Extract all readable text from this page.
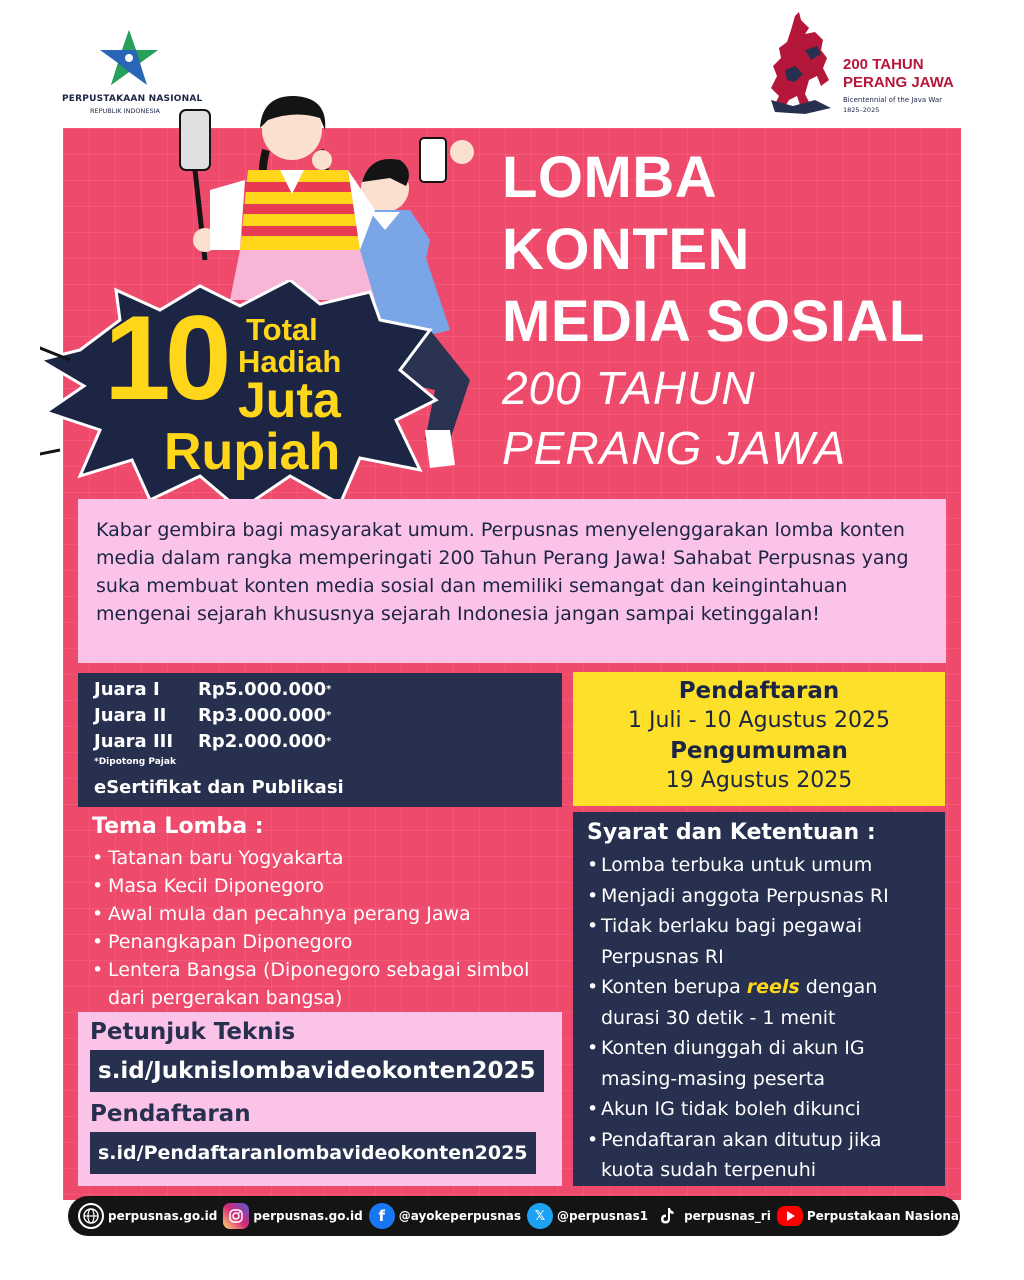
PERPUSTAKAAN NASIONAL
REPUBLIK INDONESIA
200 TAHUN
PERANG JAWA
Bicentennial of the Java War
1825–2025
10 Total
Hadiah
Juta
Rupiah
LOMBA
KONTEN
MEDIA SOSIAL
200 TAHUN
PERANG JAWA

Kabar gembira bagi masyarakat umum. Perpusnas menyelenggarakan lomba konten media dalam rangka memperingati 200 Tahun Perang Jawa! Sahabat Perpusnas yang suka membuat konten media sosial dan memiliki semangat dan keingintahuan mengenai sejarah khususnya sejarah Indonesia jangan sampai ketinggalan!

Juara I	Rp5.000.000 *
Juara II	Rp3.000.000 *
Juara III	Rp2.000.000 *
*Dipotong Pajak
eSertifikat dan Publikasi
Pendaftaran
1 Juli - 10 Agustus 2025
Pengumuman
19 Agustus 2025
Tema Lomba :
• Tatanan baru Yogyakarta
• Masa Kecil Diponegoro
• Awal mula dan pecahnya perang Jawa
• Penangkapan Diponegoro
• Lentera Bangsa (Diponegoro sebagai simbol dari pergerakan bangsa)
Petunjuk Teknis
s.id/Juknislombavideokonten2025
Pendaftaran
s.id/Pendaftaranlombavideokonten2025
Syarat dan Ketentuan :
• Lomba terbuka untuk umum
• Menjadi anggota Perpusnas RI
• Tidak berlaku bagi pegawai Perpusnas RI
• Konten berupa reels dengan durasi 30 detik - 1 menit
• Konten diunggah di akun IG masing-masing peserta
• Akun IG tidak boleh dikunci
• Pendaftaran akan ditutup jika kuota sudah terpenuhi
perpusnas.go.id	perpusnas.go.id	f	@ayokeperpusnas	𝕏 @perpusnas1	perpusnas_ri	Perpustakaan Nasional RI
